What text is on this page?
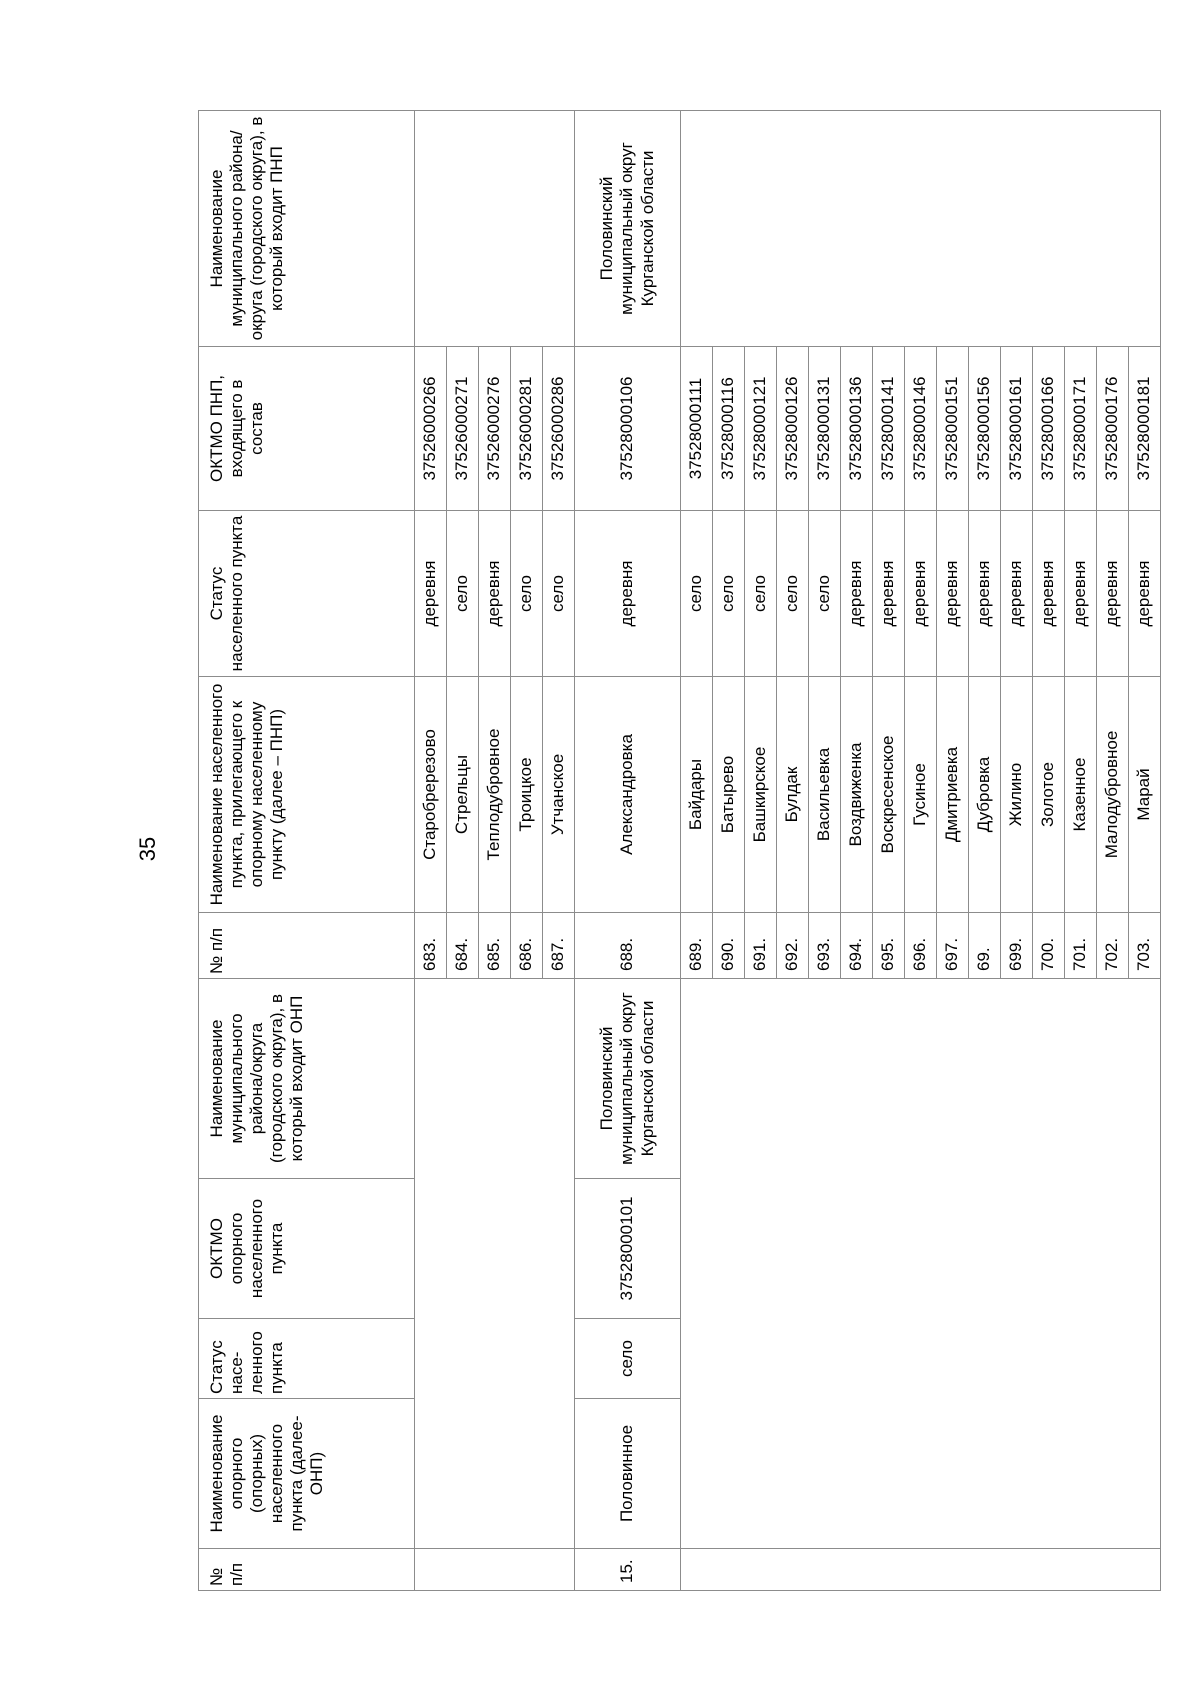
35
№ п/п	Наименование опорного (опорных) населенного пункта (далее- ОНП)	Статус насе-ленного пункта	ОКТМО опорного населенного пункта	Наименование муниципального района/округа (городского округа), в который входит ОНП	№ п/п	Наименование населенного пункта, прилегающего к опорному населенному пункту (далее – ПНП)	Статус населенного пункта	ОКТМО ПНП, входящего в состав	Наименование муниципального района/округа (городского округа), в который входит ПНП
					683.	Старобререзово	деревня	37526000266	
					684.	Стрельцы	село	37526000271	
					685.	Теплодубровное	деревня	37526000276	
					686.	Троицкое	село	37526000281	
					687.	Утчанское	село	37526000286	
15.	Половинное	село	37528000101	Половинский муниципальный округ Курганской области	688.	Александровка	деревня	37528000106	Половинский муниципальный округ Курганской области
					689.	Байдары	село	37528000111	
					690.	Батырево	село	37528000116	
					691.	Башкирское	село	37528000121	
					692.	Булдак	село	37528000126	
					693.	Васильевка	село	37528000131	
					694.	Воздвиженка	деревня	37528000136	
					695.	Воскресенское	деревня	37528000141	
					696.	Гусиное	деревня	37528000146	
					697.	Дмитриевка	деревня	37528000151	
					69.	Дубровка	деревня	37528000156	
					699.	Жилино	деревня	37528000161	
					700.	Золотое	деревня	37528000166	
					701.	Казенное	деревня	37528000171	
					702.	Малодубровное	деревня	37528000176	
					703.	Марай	деревня	37528000181	
